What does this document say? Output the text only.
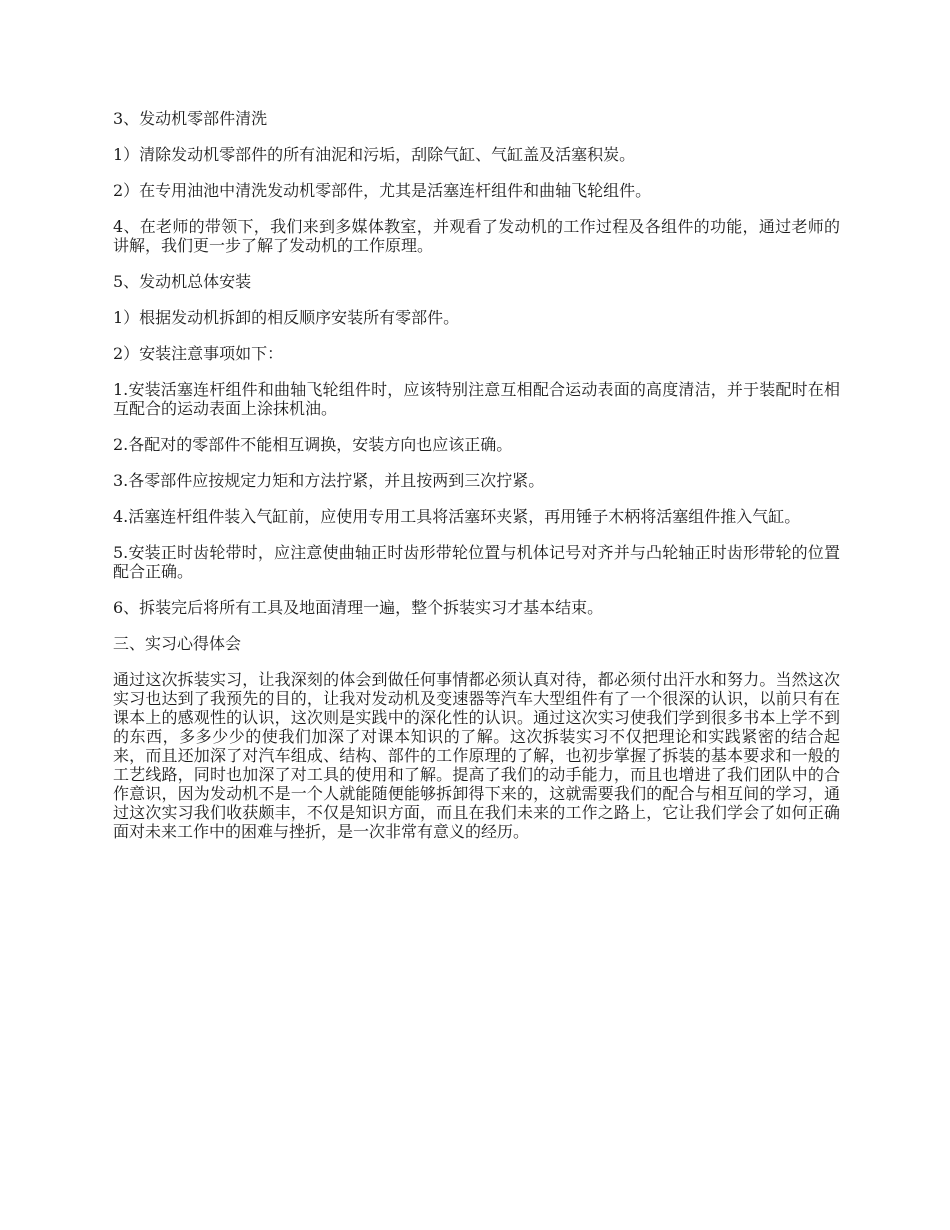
3、发动机零部件清洗

1）清除发动机零部件的所有油泥和污垢，刮除气缸、气缸盖及活塞积炭。

2）在专用油池中清洗发动机零部件，尤其是活塞连杆组件和曲轴飞轮组件。

4、在老师的带领下，我们来到多媒体教室，并观看了发动机的工作过程及各组件的功能，通过老师的讲解，我们更一步了解了发动机的工作原理。

5、发动机总体安装

1）根据发动机拆卸的相反顺序安装所有零部件。

2）安装注意事项如下：

1.安装活塞连杆组件和曲轴飞轮组件时，应该特别注意互相配合运动表面的高度清洁，并于装配时在相互配合的运动表面上涂抹机油。

2.各配对的零部件不能相互调换，安装方向也应该正确。

3.各零部件应按规定力矩和方法拧紧，并且按两到三次拧紧。

4.活塞连杆组件装入气缸前，应使用专用工具将活塞环夹紧，再用锤子木柄将活塞组件推入气缸。

5.安装正时齿轮带时，应注意使曲轴正时齿形带轮位置与机体记号对齐并与凸轮轴正时齿形带轮的位置配合正确。

6、拆装完后将所有工具及地面清理一遍，整个拆装实习才基本结束。

三、实习心得体会

通过这次拆装实习，让我深刻的体会到做任何事情都必须认真对待，都必须付出汗水和努力。当然这次实习也达到了我预先的目的，让我对发动机及变速器等汽车大型组件有了一个很深的认识，以前只有在课本上的感观性的认识，这次则是实践中的深化性的认识。通过这次实习使我们学到很多书本上学不到的东西，多多少少的使我们加深了对课本知识的了解。这次拆装实习不仅把理论和实践紧密的结合起来，而且还加深了对汽车组成、结构、部件的工作原理的了解，也初步掌握了拆装的基本要求和一般的工艺线路，同时也加深了对工具的使用和了解。提高了我们的动手能力，而且也增进了我们团队中的合作意识，因为发动机不是一个人就能随便能够拆卸得下来的，这就需要我们的配合与相互间的学习，通过这次实习我们收获颇丰，不仅是知识方面，而且在我们未来的工作之路上，它让我们学会了如何正确面对未来工作中的困难与挫折，是一次非常有意义的经历。
